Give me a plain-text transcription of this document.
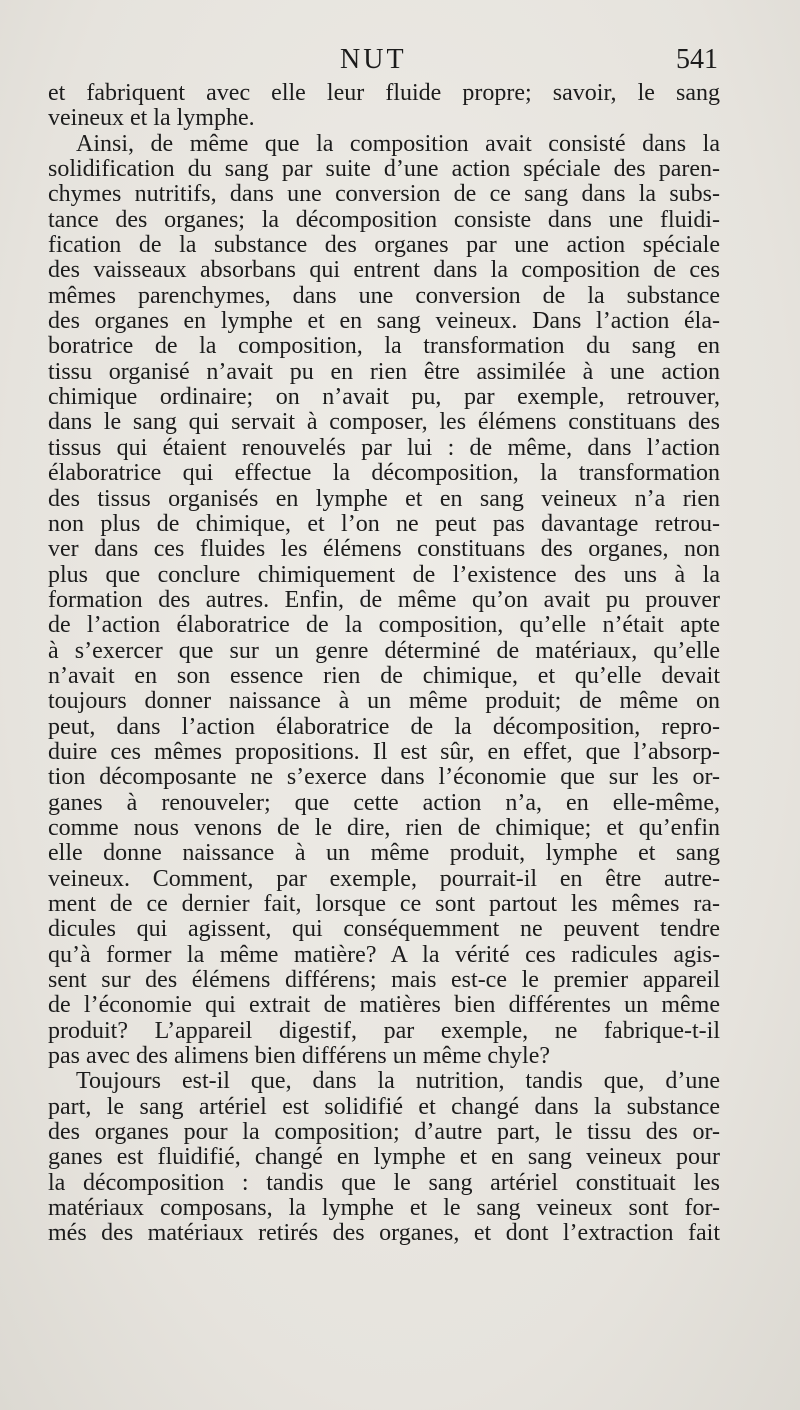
NUT	541
et fabriquent avec elle leur fluide propre; savoir, le sang
veineux et la lymphe.
Ainsi, de même que la composition avait consisté dans la
solidification du sang par suite d’une action spéciale des paren-
chymes nutritifs, dans une conversion de ce sang dans la subs-
tance des organes; la décomposition consiste dans une fluidi-
fication de la substance des organes par une action spéciale
des vaisseaux absorbans qui entrent dans la composition de ces
mêmes parenchymes, dans une conversion de la substance
des organes en lymphe et en sang veineux. Dans l’action éla-
boratrice de la composition, la transformation du sang en
tissu organisé n’avait pu en rien être assimilée à une action
chimique ordinaire; on n’avait pu, par exemple, retrouver,
dans le sang qui servait à composer, les élémens constituans des
tissus qui étaient renouvelés par lui : de même, dans l’action
élaboratrice qui effectue la décomposition, la transformation
des tissus organisés en lymphe et en sang veineux n’a rien
non plus de chimique, et l’on ne peut pas davantage retrou-
ver dans ces fluides les élémens constituans des organes, non
plus que conclure chimiquement de l’existence des uns à la
formation des autres. Enfin, de même qu’on avait pu prouver
de l’action élaboratrice de la composition, qu’elle n’était apte
à s’exercer que sur un genre déterminé de matériaux, qu’elle
n’avait en son essence rien de chimique, et qu’elle devait
toujours donner naissance à un même produit; de même on
peut, dans l’action élaboratrice de la décomposition, repro-
duire ces mêmes propositions. Il est sûr, en effet, que l’absorp-
tion décomposante ne s’exerce dans l’économie que sur les or-
ganes à renouveler; que cette action n’a, en elle-même,
comme nous venons de le dire, rien de chimique; et qu’enfin
elle donne naissance à un même produit, lymphe et sang
veineux. Comment, par exemple, pourrait-il en être autre-
ment de ce dernier fait, lorsque ce sont partout les mêmes ra-
dicules qui agissent, qui conséquemment ne peuvent tendre
qu’à former la même matière? A la vérité ces radicules agis-
sent sur des élémens différens; mais est-ce le premier appareil
de l’économie qui extrait de matières bien différentes un même
produit? L’appareil digestif, par exemple, ne fabrique-t-il
pas avec des alimens bien différens un même chyle?
Toujours est-il que, dans la nutrition, tandis que, d’une
part, le sang artériel est solidifié et changé dans la substance
des organes pour la composition; d’autre part, le tissu des or-
ganes est fluidifié, changé en lymphe et en sang veineux pour
la décomposition : tandis que le sang artériel constituait les
matériaux composans, la lymphe et le sang veineux sont for-
més des matériaux retirés des organes, et dont l’extraction fait
